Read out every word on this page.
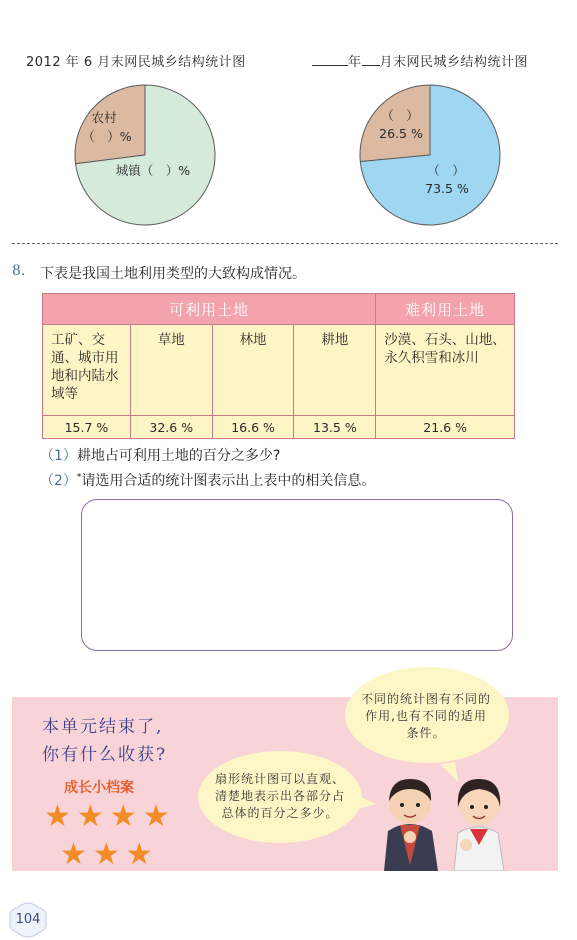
2012 年 6 月末网民城乡结构统计图	年 月末网民城乡结构统计图
农村
（　）%
城镇（　）%
（　）
26.5 %
（　）
73.5 %
8. 下表是我国土地利用类型的大致构成情况。
可利用土地				难利用土地
工矿、交通、城市用地和内陆水域等	草地	林地	耕地	沙漠、石头、山地、永久积雪和冰川
15.7 %	32.6 %	16.6 %	13.5 %	21.6 %
（1）耕地占可利用土地的百分之多少?
（2）*请选用合适的统计图表示出上表中的相关信息。
本单元结束了,
你有什么收获?
成长小档案
★★★★
★★★
不同的统计图有不同的作用,也有不同的适用条件。
扇形统计图可以直观、清楚地表示出各部分占总体的百分之多少。
104
